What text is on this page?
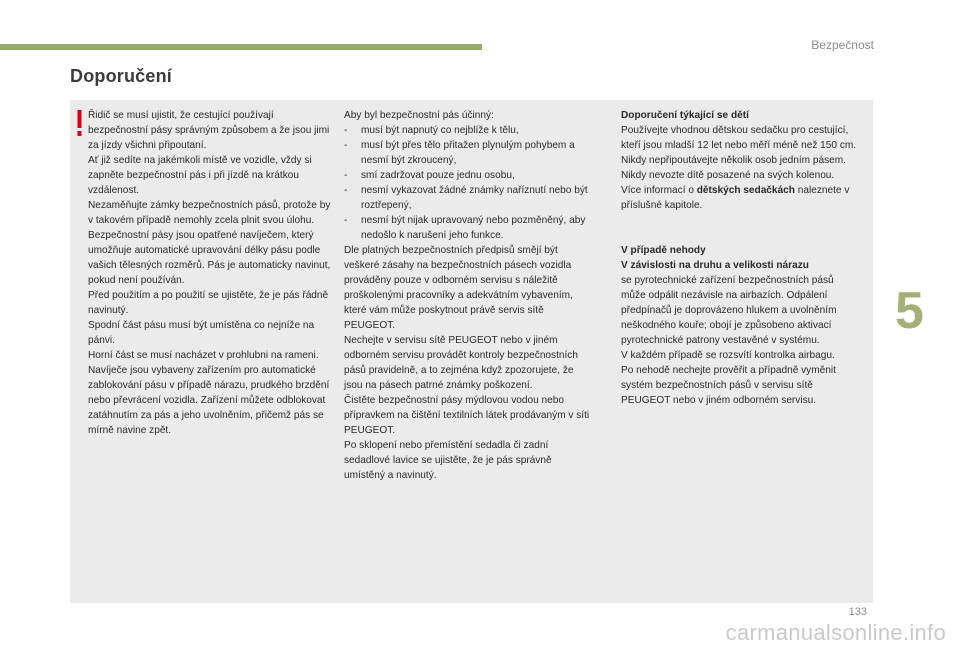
Bezpečnost
Doporučení

Řidič se musí ujistit, že cestující používají bezpečnostní pásy správným způsobem a že jsou jimi za jízdy všichni připoutaní.

Ať již sedíte na jakémkoli místě ve vozidle, vždy si zapněte bezpečnostní pás i při jízdě na krátkou vzdálenost.

Nezaměňujte zámky bezpečnostních pásů, protože by v takovém případě nemohly zcela plnit svou úlohu.

Bezpečnostní pásy jsou opatřené navíječem, který umožňuje automatické upravování délky pásu podle vašich tělesných rozměrů. Pás je automaticky navinut, pokud není používán.

Před použitím a po použití se ujistěte, že je pás řádně navinutý.

Spodní část pásu musí být umístěna co nejníže na pánvi.

Horní část se musí nacházet v prohlubni na rameni.

Navíječe jsou vybaveny zařízením pro automatické zablokování pásu v případě nárazu, prudkého brzdění nebo převrácení vozidla. Zařízení můžete odblokovat zatáhnutím za pás a jeho uvolněním, přičemž pás se mírně navine zpět.

Aby byl bezpečnostní pás účinný:

-	musí být napnutý co nejblíže k tělu,
-	musí být přes tělo přitažen plynulým pohybem a nesmí být zkroucený,
-	smí zadržovat pouze jednu osobu,
-	nesmí vykazovat žádné známky naříznutí nebo být roztřepený,
-	nesmí být nijak upravovaný nebo pozměněný, aby nedošlo k narušení jeho funkce.

Dle platných bezpečnostních předpisů smějí být veškeré zásahy na bezpečnostních pásech vozidla prováděny pouze v odborném servisu s náležitě proškolenými pracovníky a adekvátním vybavením, které vám může poskytnout právě servis sítě PEUGEOT.

Nechejte v servisu sítě PEUGEOT nebo v jiném odborném servisu provádět kontroly bezpečnostních pásů pravidelně, a to zejména když zpozorujete, že jsou na pásech patrné známky poškození.

Čistěte bezpečnostní pásy mýdlovou vodou nebo přípravkem na čištění textilních látek prodávaným v síti PEUGEOT.

Po sklopení nebo přemístění sedadla či zadní sedadlové lavice se ujistěte, že je pás správně umístěný a navinutý.

Doporučení týkající se dětí

Používejte vhodnou dětskou sedačku pro cestující, kteří jsou mladší 12 let nebo měří méně než 150 cm.

Nikdy nepřipoutávejte několik osob jedním pásem.

Nikdy nevozte dítě posazené na svých kolenou.

Více informací o dětských sedačkách naleznete v příslušné kapitole.

V případě nehody

V závislosti na druhu a velikosti nárazu

se pyrotechnické zařízení bezpečnostních pásů může odpálit nezávisle na airbazích. Odpálení předpínačů je doprovázeno hlukem a uvolněním neškodného kouře; obojí je způsobeno aktivací pyrotechnické patrony vestavěné v systému.

V každém případě se rozsvítí kontrolka airbagu.

Po nehodě nechejte prověřit a případně vyměnit systém bezpečnostních pásů v servisu sítě PEUGEOT nebo v jiném odborném servisu.

5
133
carmanualsonline.info
